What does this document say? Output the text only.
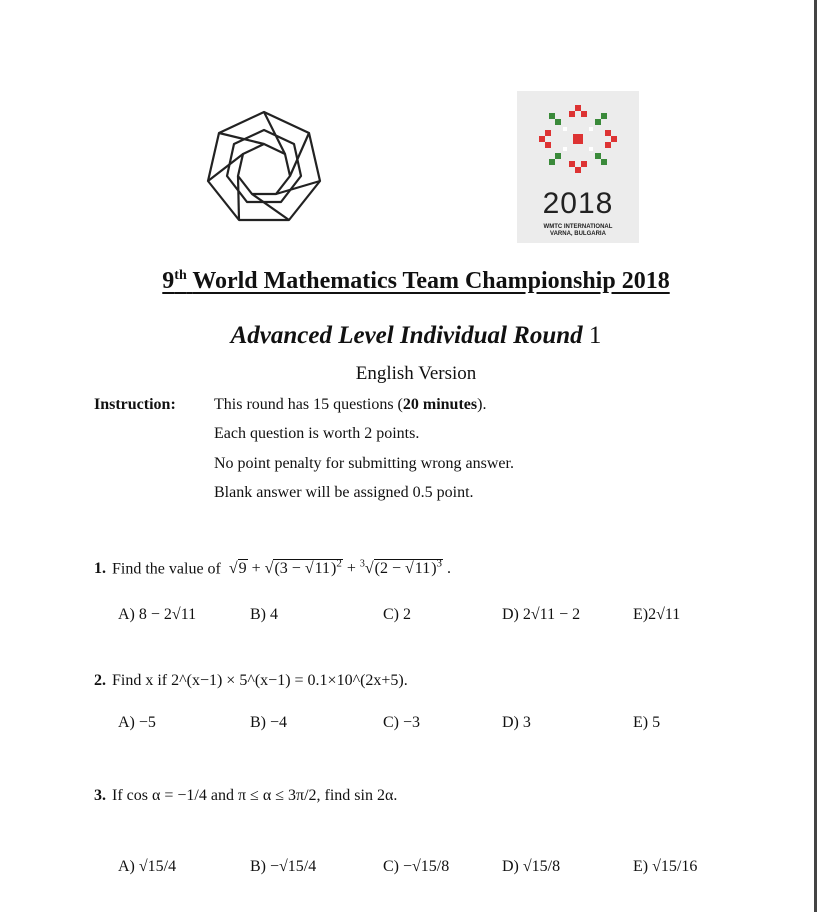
2018
WMTC INTERNATIONAL
VARNA, BULGARIA
9th World Mathematics Team Championship 2018
Advanced Level Individual Round 1
English Version
Instruction: This round has 15 questions (20 minutes).
Each question is worth 2 points.
No point penalty for submitting wrong answer.
Blank answer will be assigned 0.5 point.
1. Find the value of $√9 + √(3 - √11)^2 + ^3√(2 - √11)^3$ .
A) 8 − 2√11	B) 4	C) 2	D) 2√11 − 2	E)2√11
2. Find x if 2^(x−1) × 5^(x−1) = 0.1×10^(2x+5).
A) −5	B) −4	C) −3	D) 3	E) 5
3. If cos α = −1/4 and π ≤ α ≤ 3π/2, find sin 2α.
A) √15/4	B) −√15/4	C) −√15/8	D) √15/8	E) √15/16
